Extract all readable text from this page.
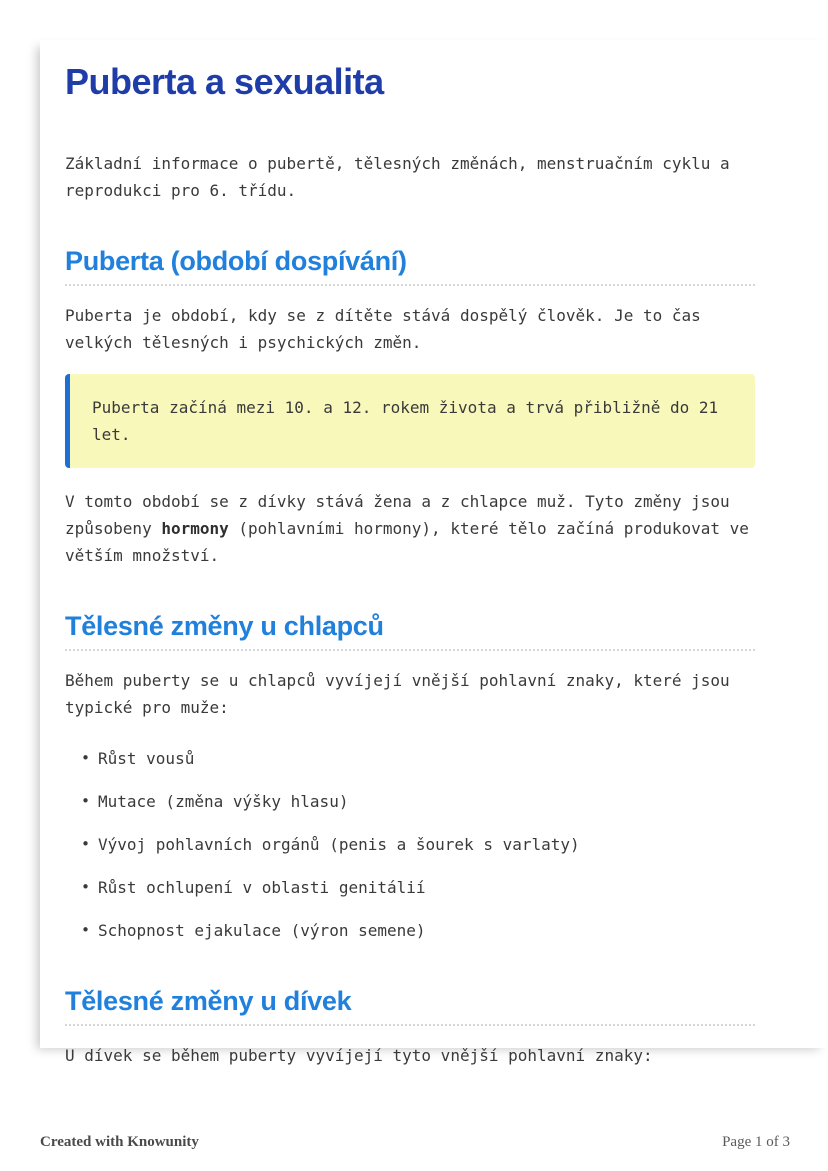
Puberta a sexualita

Základní informace o pubertě, tělesných změnách, menstruačním cyklu a reprodukci pro 6. třídu.

Puberta (období dospívání)

Puberta je období, kdy se z dítěte stává dospělý člověk. Je to čas velkých tělesných i psychických změn.

Puberta začíná mezi 10. a 12. rokem života a trvá přibližně do 21 let.

V tomto období se z dívky stává žena a z chlapce muž. Tyto změny jsou způsobeny hormony (pohlavními hormony), které tělo začíná produkovat ve větším množství.

Tělesné změny u chlapců

Během puberty se u chlapců vyvíjejí vnější pohlavní znaky, které jsou typické pro muže:

• Růst vousů
• Mutace (změna výšky hlasu)
• Vývoj pohlavních orgánů (penis a šourek s varlaty)
• Růst ochlupení v oblasti genitálií
• Schopnost ejakulace (výron semene)
Tělesné změny u dívek

U dívek se během puberty vyvíjejí tyto vnější pohlavní znaky:

Created with Knowunity	Page 1 of 3
